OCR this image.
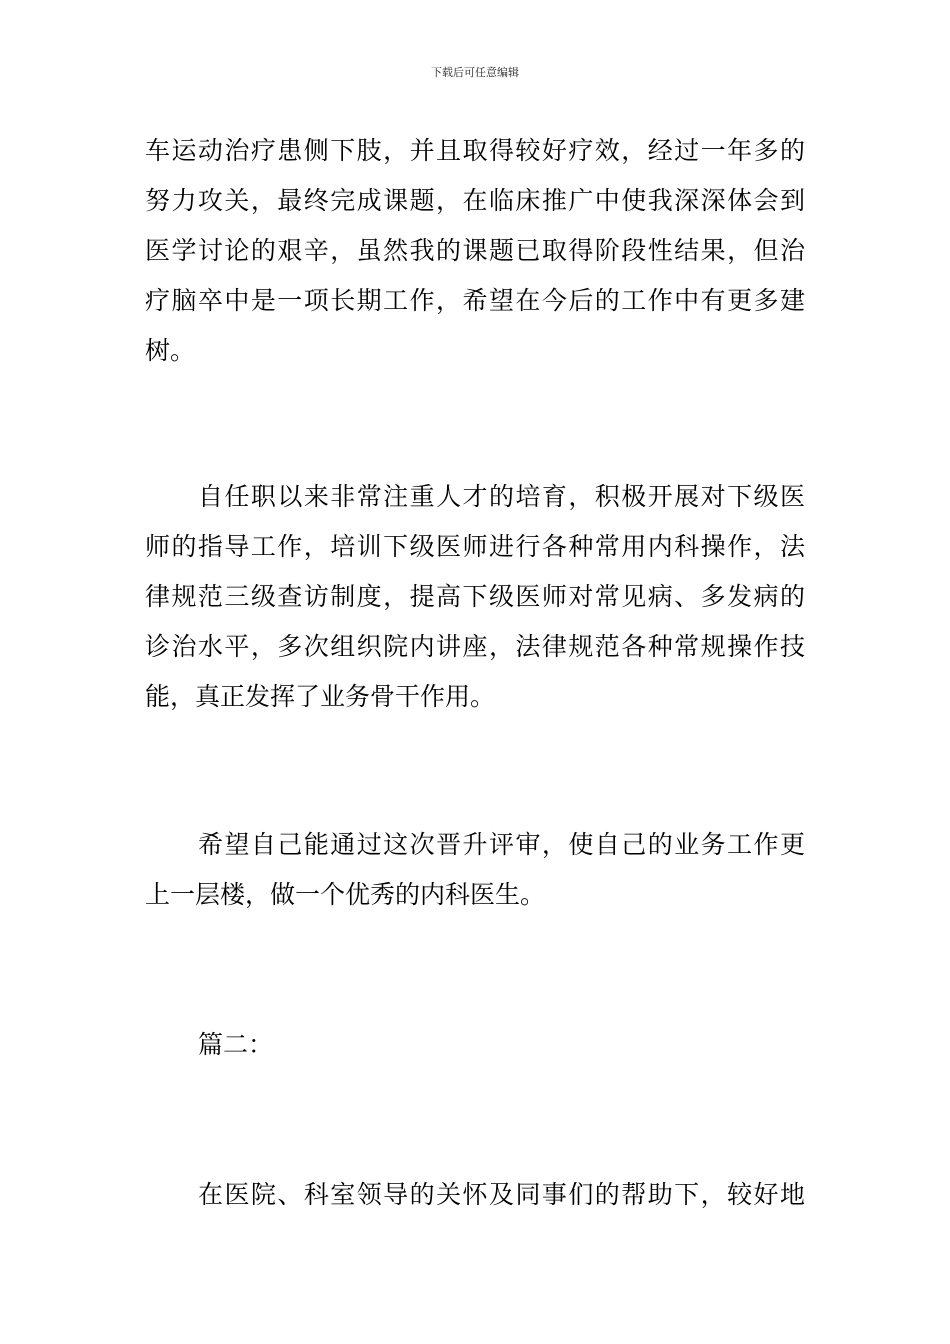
下载后可任意编辑
车运动治疗患侧下肢，并且取得较好疗效，经过一年多的
努力攻关，最终完成课题，在临床推广中使我深深体会到
医学讨论的艰辛，虽然我的课题已取得阶段性结果，但治
疗脑卒中是一项长期工作，希望在今后的工作中有更多建
树。
自任职以来非常注重人才的培育，积极开展对下级医
师的指导工作，培训下级医师进行各种常用内科操作，法
律规范三级查访制度，提高下级医师对常见病、多发病的
诊治水平，多次组织院内讲座，法律规范各种常规操作技
能，真正发挥了业务骨干作用。
希望自己能通过这次晋升评审，使自己的业务工作更
上一层楼，做一个优秀的内科医生。
篇二：
在医院、科室领导的关怀及同事们的帮助下，较好地
